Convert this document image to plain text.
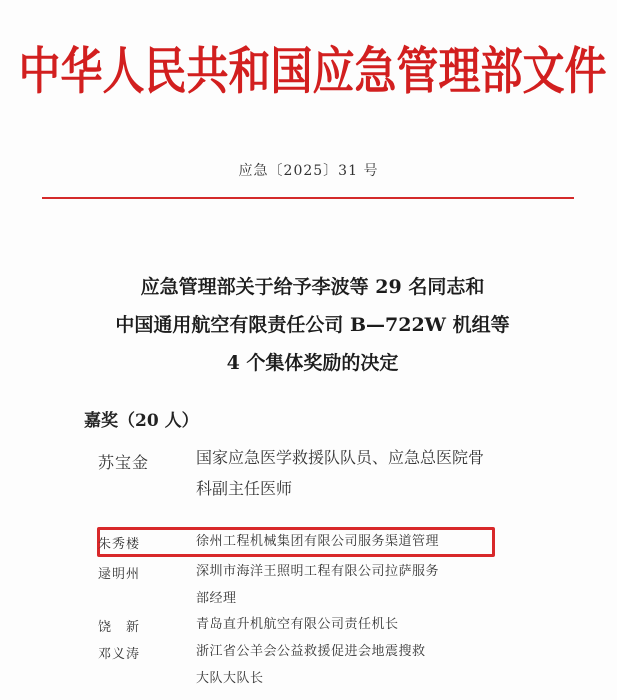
中华人民共和国应急管理部文件
应急〔2025〕31 号
应急管理部关于给予李波等 29 名同志和
中国通用航空有限责任公司 B—722W 机组等
4 个集体奖励的决定
嘉奖（20 人）
苏宝金	国家应急医学救援队队员、应急总医院骨
科副主任医师
朱秀楼	徐州工程机械集团有限公司服务渠道管理
逯明州	深圳市海洋王照明工程有限公司拉萨服务
部经理
饶　新	青岛直升机航空有限公司责任机长
邓义涛	浙江省公羊会公益救援促进会地震搜救
大队大队长
